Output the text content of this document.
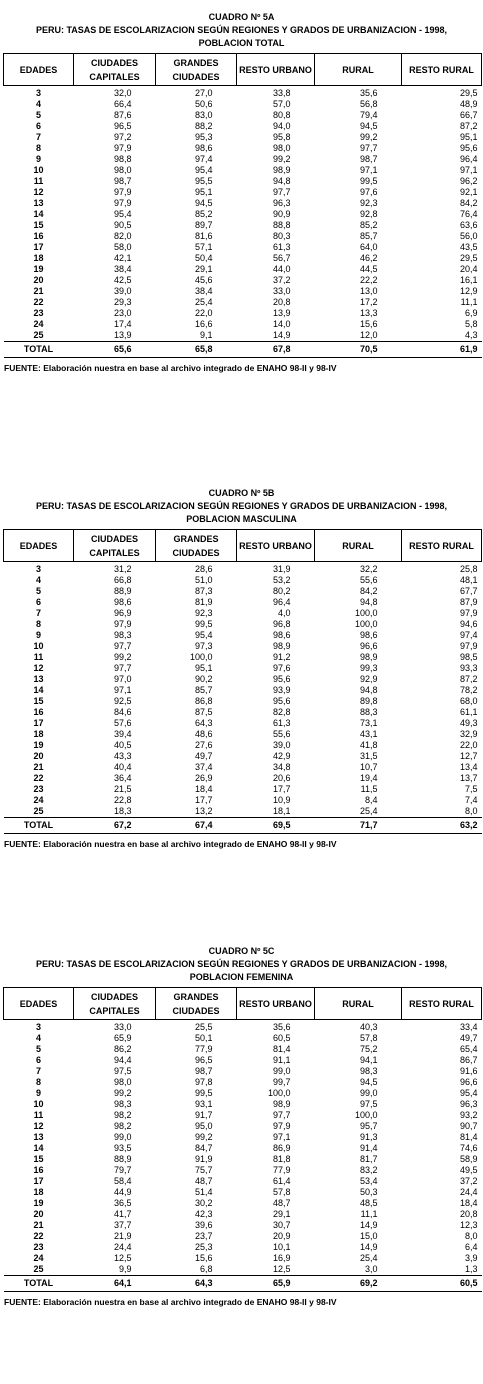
CUADRO Nº 5A
PERU: TASAS DE ESCOLARIZACION SEGÚN REGIONES Y GRADOS DE URBANIZACION - 1998,
POBLACION TOTAL
EDADES	CIUDADES CAPITALES	GRANDES CIUDADES	RESTO URBANO	RURAL	RESTO RURAL
3	32,0	27,0	33,8	35,6	29,5
4	66,4	50,6	57,0	56,8	48,9
5	87,6	83,0	80,8	79,4	66,7
6	96,5	88,2	94,0	94,5	87,2
7	97,2	95,3	95,8	99,2	95,1
8	97,9	98,6	98,0	97,7	95,6
9	98,8	97,4	99,2	98,7	96,4
10	98,0	95,4	98,9	97,1	97,1
11	98,7	95,5	94,8	99,5	96,2
12	97,9	95,1	97,7	97,6	92,1
13	97,9	94,5	96,3	92,3	84,2
14	95,4	85,2	90,9	92,8	76,4
15	90,5	89,7	88,8	85,2	63,6
16	82,0	81,6	80,3	85,7	56,0
17	58,0	57,1	61,3	64,0	43,5
18	42,1	50,4	56,7	46,2	29,5
19	38,4	29,1	44,0	44,5	20,4
20	42,5	45,6	37,2	22,2	16,1
21	39,0	38,4	33,0	13,0	12,9
22	29,3	25,4	20,8	17,2	11,1
23	23,0	22,0	13,9	13,3	6,9
24	17,4	16,6	14,0	15,6	5,8
25	13,9	9,1	14,9	12,0	4,3
TOTAL	65,6	65,8	67,8	70,5	61,9
FUENTE: Elaboración nuestra en base al archivo integrado de ENAHO 98-II y 98-IV
CUADRO Nº 5B
PERU: TASAS DE ESCOLARIZACION SEGÚN REGIONES Y GRADOS DE URBANIZACION - 1998,
POBLACION MASCULINA
EDADES	CIUDADES CAPITALES	GRANDES CIUDADES	RESTO URBANO	RURAL	RESTO RURAL
3	31,2	28,6	31,9	32,2	25,8
4	66,8	51,0	53,2	55,6	48,1
5	88,9	87,3	80,2	84,2	67,7
6	98,6	81,9	96,4	94,8	87,9
7	96,9	92,3	4,0	100,0	97,9
8	97,9	99,5	96,8	100,0	94,6
9	98,3	95,4	98,6	98,6	97,4
10	97,7	97,3	98,9	96,6	97,9
11	99,2	100,0	91,2	98,9	98,5
12	97,7	95,1	97,6	99,3	93,3
13	97,0	90,2	95,6	92,9	87,2
14	97,1	85,7	93,9	94,8	78,2
15	92,5	86,8	95,6	89,8	68,0
16	84,6	87,5	82,8	88,3	61,1
17	57,6	64,3	61,3	73,1	49,3
18	39,4	48,6	55,6	43,1	32,9
19	40,5	27,6	39,0	41,8	22,0
20	43,3	49,7	42,9	31,5	12,7
21	40,4	37,4	34,8	10,7	13,4
22	36,4	26,9	20,6	19,4	13,7
23	21,5	18,4	17,7	11,5	7,5
24	22,8	17,7	10,9	8,4	7,4
25	18,3	13,2	18,1	25,4	8,0
TOTAL	67,2	67,4	69,5	71,7	63,2
FUENTE: Elaboración nuestra en base al archivo integrado de ENAHO 98-II y 98-IV
CUADRO Nº 5C
PERU: TASAS DE ESCOLARIZACION SEGÚN REGIONES Y GRADOS DE URBANIZACION - 1998,
POBLACION FEMENINA
EDADES	CIUDADES CAPITALES	GRANDES CIUDADES	RESTO URBANO	RURAL	RESTO RURAL
3	33,0	25,5	35,6	40,3	33,4
4	65,9	50,1	60,5	57,8	49,7
5	86,2	77,9	81,4	75,2	65,4
6	94,4	96,5	91,1	94,1	86,7
7	97,5	98,7	99,0	98,3	91,6
8	98,0	97,8	99,7	94,5	96,6
9	99,2	99,5	100,0	99,0	95,4
10	98,3	93,1	98,9	97,5	96,3
11	98,2	91,7	97,7	100,0	93,2
12	98,2	95,0	97,9	95,7	90,7
13	99,0	99,2	97,1	91,3	81,4
14	93,5	84,7	86,9	91,4	74,6
15	88,9	91,9	81,8	81,7	58,9
16	79,7	75,7	77,9	83,2	49,5
17	58,4	48,7	61,4	53,4	37,2
18	44,9	51,4	57,8	50,3	24,4
19	36,5	30,2	48,7	48,5	18,4
20	41,7	42,3	29,1	11,1	20,8
21	37,7	39,6	30,7	14,9	12,3
22	21,9	23,7	20,9	15,0	8,0
23	24,4	25,3	10,1	14,9	6,4
24	12,5	15,6	16,9	25,4	3,9
25	9,9	6,8	12,5	3,0	1,3
TOTAL	64,1	64,3	65,9	69,2	60,5
FUENTE: Elaboración nuestra en base al archivo integrado de ENAHO 98-II y 98-IV
